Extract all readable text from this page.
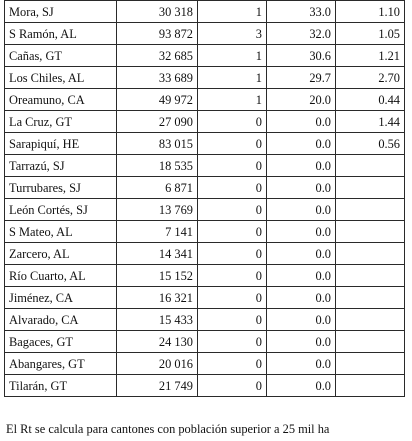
Mora, SJ	30 318	1	33.0	1.10
S Ramón, AL	93 872	3	32.0	1.05
Cañas, GT	32 685	1	30.6	1.21
Los Chiles, AL	33 689	1	29.7	2.70
Oreamuno, CA	49 972	1	20.0	0.44
La Cruz, GT	27 090	0	0.0	1.44
Sarapiquí, HE	83 015	0	0.0	0.56
Tarrazú, SJ	18 535	0	0.0	
Turrubares, SJ	6 871	0	0.0	
León Cortés, SJ	13 769	0	0.0	
S Mateo, AL	7 141	0	0.0	
Zarcero, AL	14 341	0	0.0	
Río Cuarto, AL	15 152	0	0.0	
Jiménez, CA	16 321	0	0.0	
Alvarado, CA	15 433	0	0.0	
Bagaces, GT	24 130	0	0.0	
Abangares, GT	20 016	0	0.0	
Tilarán, GT	21 749	0	0.0	
El Rt se calcula para cantones con población superior a 25 mil ha
